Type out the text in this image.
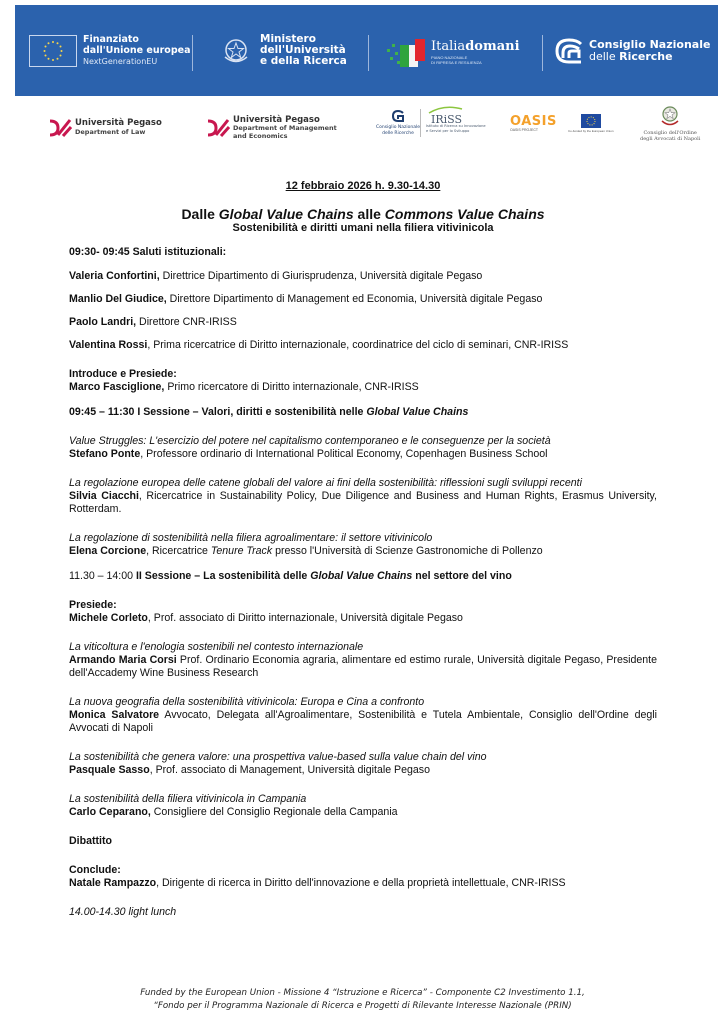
Finanziato
dall'Unione europea
NextGenerationEU
Ministero
dell'Università
e della Ricerca
Italiadomani
PIANO NAZIONALE
DI RIPRESA E RESILIENZA
Consiglio Nazionale
delle Ricerche
Università Pegaso
Department of Law
Università Pegaso
Department of Management
and Economics
Consiglio Nazionale
delle Ricerche
IRiSS
Istituto di Ricerca su Innovazione
e Servizi per lo Sviluppo
OASIS
OASIS PROJECT	Co-funded by the European Union	Consiglio dell'Ordine
degli Avvocati di Napoli
12 febbraio 2026 h. 9.30-14.30
Dalle Global Value Chains alle Commons Value Chains
Sostenibilità e diritti umani nella filiera vitivinicola

09:30- 09:45 Saluti istituzionali:

Valeria Confortini, Direttrice Dipartimento di Giurisprudenza, Università digitale Pegaso

Manlio Del Giudice, Direttore Dipartimento di Management ed Economia, Università digitale Pegaso

Paolo Landri, Direttore CNR-IRISS

Valentina Rossi, Prima ricercatrice di Diritto internazionale, coordinatrice del ciclo di seminari, CNR-IRISS

Introduce e Presiede:

Marco Fasciglione, Primo ricercatore di Diritto internazionale, CNR-IRISS

09:45 – 11:30 I Sessione – Valori, diritti e sostenibilità nelle Global Value Chains

Value Struggles: L'esercizio del potere nel capitalismo contemporaneo e le conseguenze per la società

Stefano Ponte, Professore ordinario di International Political Economy, Copenhagen Business School

La regolazione europea delle catene globali del valore ai fini della sostenibilità: riflessioni sugli sviluppi recenti

Silvia Ciacchi, Ricercatrice in Sustainability Policy, Due Diligence and Business and Human Rights, Erasmus University, Rotterdam.

La regolazione di sostenibilità nella filiera agroalimentare: il settore vitivinicolo

Elena Corcione, Ricercatrice Tenure Track presso l'Università di Scienze Gastronomiche di Pollenzo

11.30 – 14:00 II Sessione – La sostenibilità delle Global Value Chains nel settore del vino

Presiede:

Michele Corleto, Prof. associato di Diritto internazionale, Università digitale Pegaso

La viticoltura e l'enologia sostenibili nel contesto internazionale

Armando Maria Corsi Prof. Ordinario Economia agraria, alimentare ed estimo rurale, Università digitale Pegaso, Presidente dell'Accademy Wine Business Research

La nuova geografia della sostenibilità vitivinicola: Europa e Cina a confronto

Monica Salvatore Avvocato, Delegata all'Agroalimentare, Sostenibilità e Tutela Ambientale, Consiglio dell'Ordine degli Avvocati di Napoli

La sostenibilità che genera valore: una prospettiva value-based sulla value chain del vino

Pasquale Sasso, Prof. associato di Management, Università digitale Pegaso

La sostenibilità della filiera vitivinicola in Campania

Carlo Ceparano, Consigliere del Consiglio Regionale della Campania

Dibattito

Conclude:

Natale Rampazzo, Dirigente di ricerca in Diritto dell'innovazione e della proprietà intellettuale, CNR-IRISS

14.00-14.30 light lunch

Funded by the European Union - Missione 4 “Istruzione e Ricerca” - Componente C2 Investimento 1.1,
“Fondo per il Programma Nazionale di Ricerca e Progetti di Rilevante Interesse Nazionale (PRIN)
